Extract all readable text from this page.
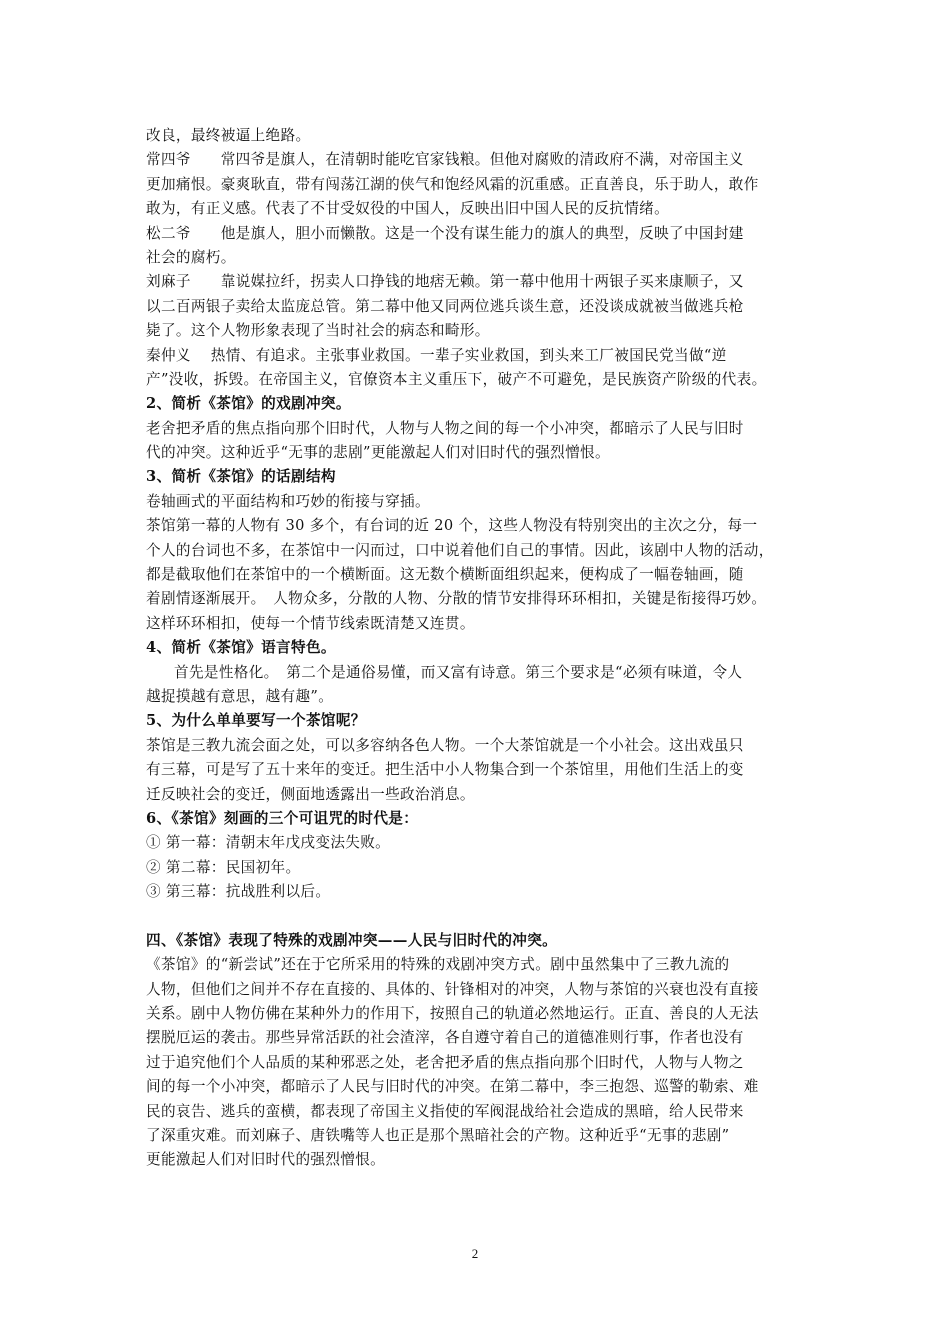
改良，最终被逼上绝路。
常四爷　　常四爷是旗人，在清朝时能吃官家钱粮。但他对腐败的清政府不满，对帝国主义
更加痛恨。豪爽耿直，带有闯荡江湖的侠气和饱经风霜的沉重感。正直善良，乐于助人，敢作
敢为，有正义感。代表了不甘受奴役的中国人，反映出旧中国人民的反抗情绪。
松二爷　　他是旗人，胆小而懒散。这是一个没有谋生能力的旗人的典型，反映了中国封建
社会的腐朽。
刘麻子　　靠说媒拉纤，拐卖人口挣钱的地痞无赖。第一幕中他用十两银子买来康顺子，又
以二百两银子卖给太监庞总管。第二幕中他又同两位逃兵谈生意，还没谈成就被当做逃兵枪
毙了。这个人物形象表现了当时社会的病态和畸形。
秦仲义　 热情、有追求。主张事业救国。一辈子实业救国，到头来工厂被国民党当做“逆
产”没收，拆毁。在帝国主义，官僚资本主义重压下，破产不可避免，是民族资产阶级的代表。
2、简析《茶馆》的戏剧冲突。
老舍把矛盾的焦点指向那个旧时代，人物与人物之间的每一个小冲突，都暗示了人民与旧时
代的冲突。这种近乎“无事的悲剧”更能激起人们对旧时代的强烈憎恨。
3、简析《茶馆》的话剧结构
卷轴画式的平面结构和巧妙的衔接与穿插。
茶馆第一幕的人物有 30 多个，有台词的近 20 个，这些人物没有特别突出的主次之分，每一
个人的台词也不多，在茶馆中一闪而过，口中说着他们自己的事情。因此，该剧中人物的活动，
都是截取他们在茶馆中的一个横断面。这无数个横断面组织起来，便构成了一幅卷轴画，随
着剧情逐渐展开。　人物众多，分散的人物、分散的情节安排得环环相扣，关键是衔接得巧妙。
这样环环相扣，使每一个情节线索既清楚又连贯。
4、简析《茶馆》语言特色。
首先是性格化。　第二个是通俗易懂，而又富有诗意。第三个要求是“必须有味道，令人
越捉摸越有意思，越有趣”。
5、为什么单单要写一个茶馆呢？
茶馆是三教九流会面之处，可以多容纳各色人物。一个大茶馆就是一个小社会。这出戏虽只
有三幕，可是写了五十来年的变迁。把生活中小人物集合到一个茶馆里，用他们生活上的变
迁反映社会的变迁，侧面地透露出一些政治消息。
6、《茶馆》刻画的三个可诅咒的时代是：
① 第一幕：清朝末年戊戌变法失败。
② 第二幕：民国初年。
③ 第三幕：抗战胜利以后。
四、《茶馆》表现了特殊的戏剧冲突——人民与旧时代的冲突。
《茶馆》的“新尝试”还在于它所采用的特殊的戏剧冲突方式。剧中虽然集中了三教九流的
人物，但他们之间并不存在直接的、具体的、针锋相对的冲突，人物与茶馆的兴衰也没有直接
关系。剧中人物仿佛在某种外力的作用下，按照自己的轨道必然地运行。正直、善良的人无法
摆脱厄运的袭击。那些异常活跃的社会渣滓，各自遵守着自己的道德准则行事，作者也没有
过于追究他们个人品质的某种邪恶之处，老舍把矛盾的焦点指向那个旧时代，人物与人物之
间的每一个小冲突，都暗示了人民与旧时代的冲突。在第二幕中，李三抱怨、巡警的勒索、难
民的哀告、逃兵的蛮横，都表现了帝国主义指使的军阀混战给社会造成的黑暗，给人民带来
了深重灾难。而刘麻子、唐铁嘴等人也正是那个黑暗社会的产物。这种近乎“无事的悲剧”
更能激起人们对旧时代的强烈憎恨。
2
